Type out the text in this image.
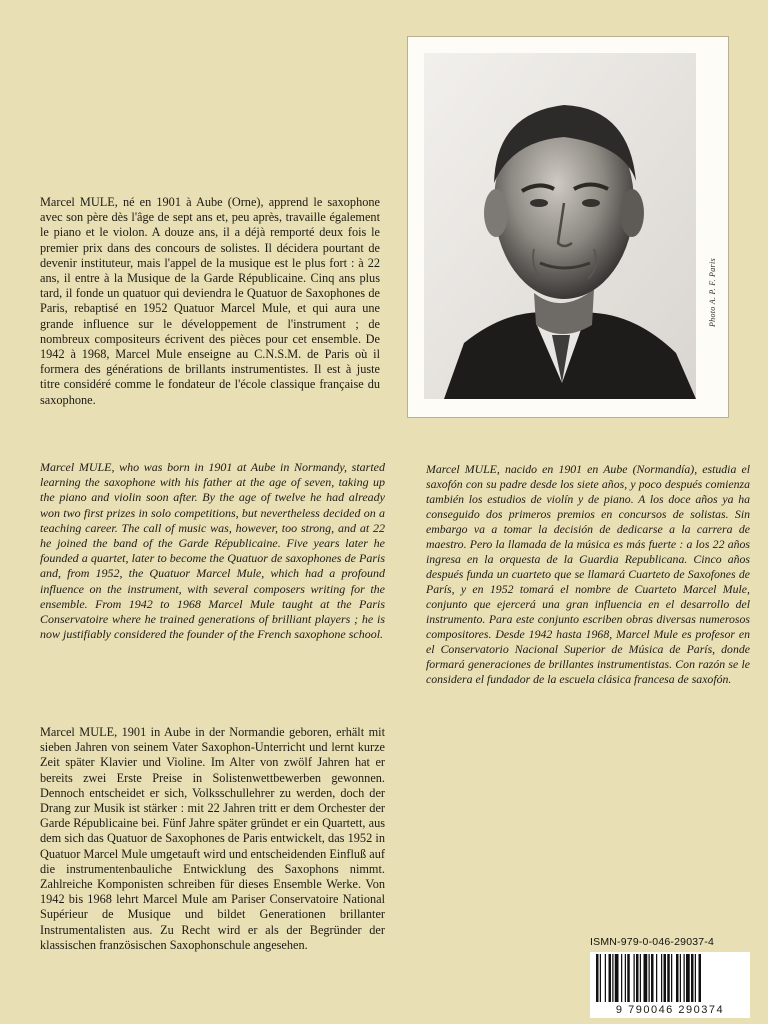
Photo A. P. F. Paris

Marcel MULE, né en 1901 à Aube (Orne), apprend le saxophone avec son père dès l'âge de sept ans et, peu après, travaille également le piano et le violon. A douze ans, il a déjà remporté deux fois le premier prix dans des concours de solistes. Il décidera pourtant de devenir instituteur, mais l'appel de la musique est le plus fort : à 22 ans, il entre à la Musique de la Garde Républicaine. Cinq ans plus tard, il fonde un quatuor qui deviendra le Quatuor de Saxophones de Paris, rebaptisé en 1952 Quatuor Marcel Mule, et qui aura une grande influence sur le développement de l'instrument ; de nombreux compositeurs écrivent des pièces pour cet ensemble. De 1942 à 1968, Marcel Mule enseigne au C.N.S.M. de Paris où il formera des générations de brillants instrumentistes. Il est à juste titre considéré comme le fondateur de l'école classique française du saxophone.

Marcel MULE, who was born in 1901 at Aube in Normandy, started learning the saxophone with his father at the age of seven, taking up the piano and violin soon after. By the age of twelve he had already won two first prizes in solo competitions, but nevertheless decided on a teaching career. The call of music was, however, too strong, and at 22 he joined the band of the Garde Républicaine. Five years later he founded a quartet, later to become the Quatuor de saxophones de Paris and, from 1952, the Quatuor Marcel Mule, which had a profound influence on the instrument, with several composers writing for the ensemble. From 1942 to 1968 Marcel Mule taught at the Paris Conservatoire where he trained generations of brilliant players ; he is now justifiably considered the founder of the French saxophone school.

Marcel MULE, nacido en 1901 en Aube (Normandía), estudia el saxofón con su padre desde los siete años, y poco después comienza también los estudios de violín y de piano. A los doce años ya ha conseguido dos primeros premios en concursos de solistas. Sin embargo va a tomar la decisión de dedicarse a la carrera de maestro. Pero la llamada de la música es más fuerte : a los 22 años ingresa en la orquesta de la Guardia Republicana. Cinco años después funda un cuarteto que se llamará Cuarteto de Saxofones de París, y en 1952 tomará el nombre de Cuarteto Marcel Mule, conjunto que ejercerá una gran influencia en el desarrollo del instrumento. Para este conjunto escriben obras diversas numerosos compositores. Desde 1942 hasta 1968, Marcel Mule es profesor en el Conservatorio Nacional Superior de Música de París, donde formará generaciones de brillantes instrumentistas. Con razón se le considera el fundador de la escuela clásica francesa de saxofón.

Marcel MULE, 1901 in Aube in der Normandie geboren, erhält mit sieben Jahren von seinem Vater Saxophon-Unterricht und lernt kurze Zeit später Klavier und Violine. Im Alter von zwölf Jahren hat er bereits zwei Erste Preise in Solistenwettbewerben gewonnen. Dennoch entscheidet er sich, Volksschullehrer zu werden, doch der Drang zur Musik ist stärker : mit 22 Jahren tritt er dem Orchester der Garde Républicaine bei. Fünf Jahre später gründet er ein Quartett, aus dem sich das Quatuor de Saxophones de Paris entwickelt, das 1952 in Quatuor Marcel Mule umgetauft wird und entscheidenden Einfluß auf die instrumentenbauliche Entwicklung des Saxophons nimmt. Zahlreiche Komponisten schreiben für dieses Ensemble Werke. Von 1942 bis 1968 lehrt Marcel Mule am Pariser Conservatoire National Supérieur de Musique und bildet Generationen brillanter Instrumentalisten aus. Zu Recht wird er als der Begründer der klassischen französischen Saxophonschule angesehen.	ISMN-979-0-046-29037-4
9 790046 290374
